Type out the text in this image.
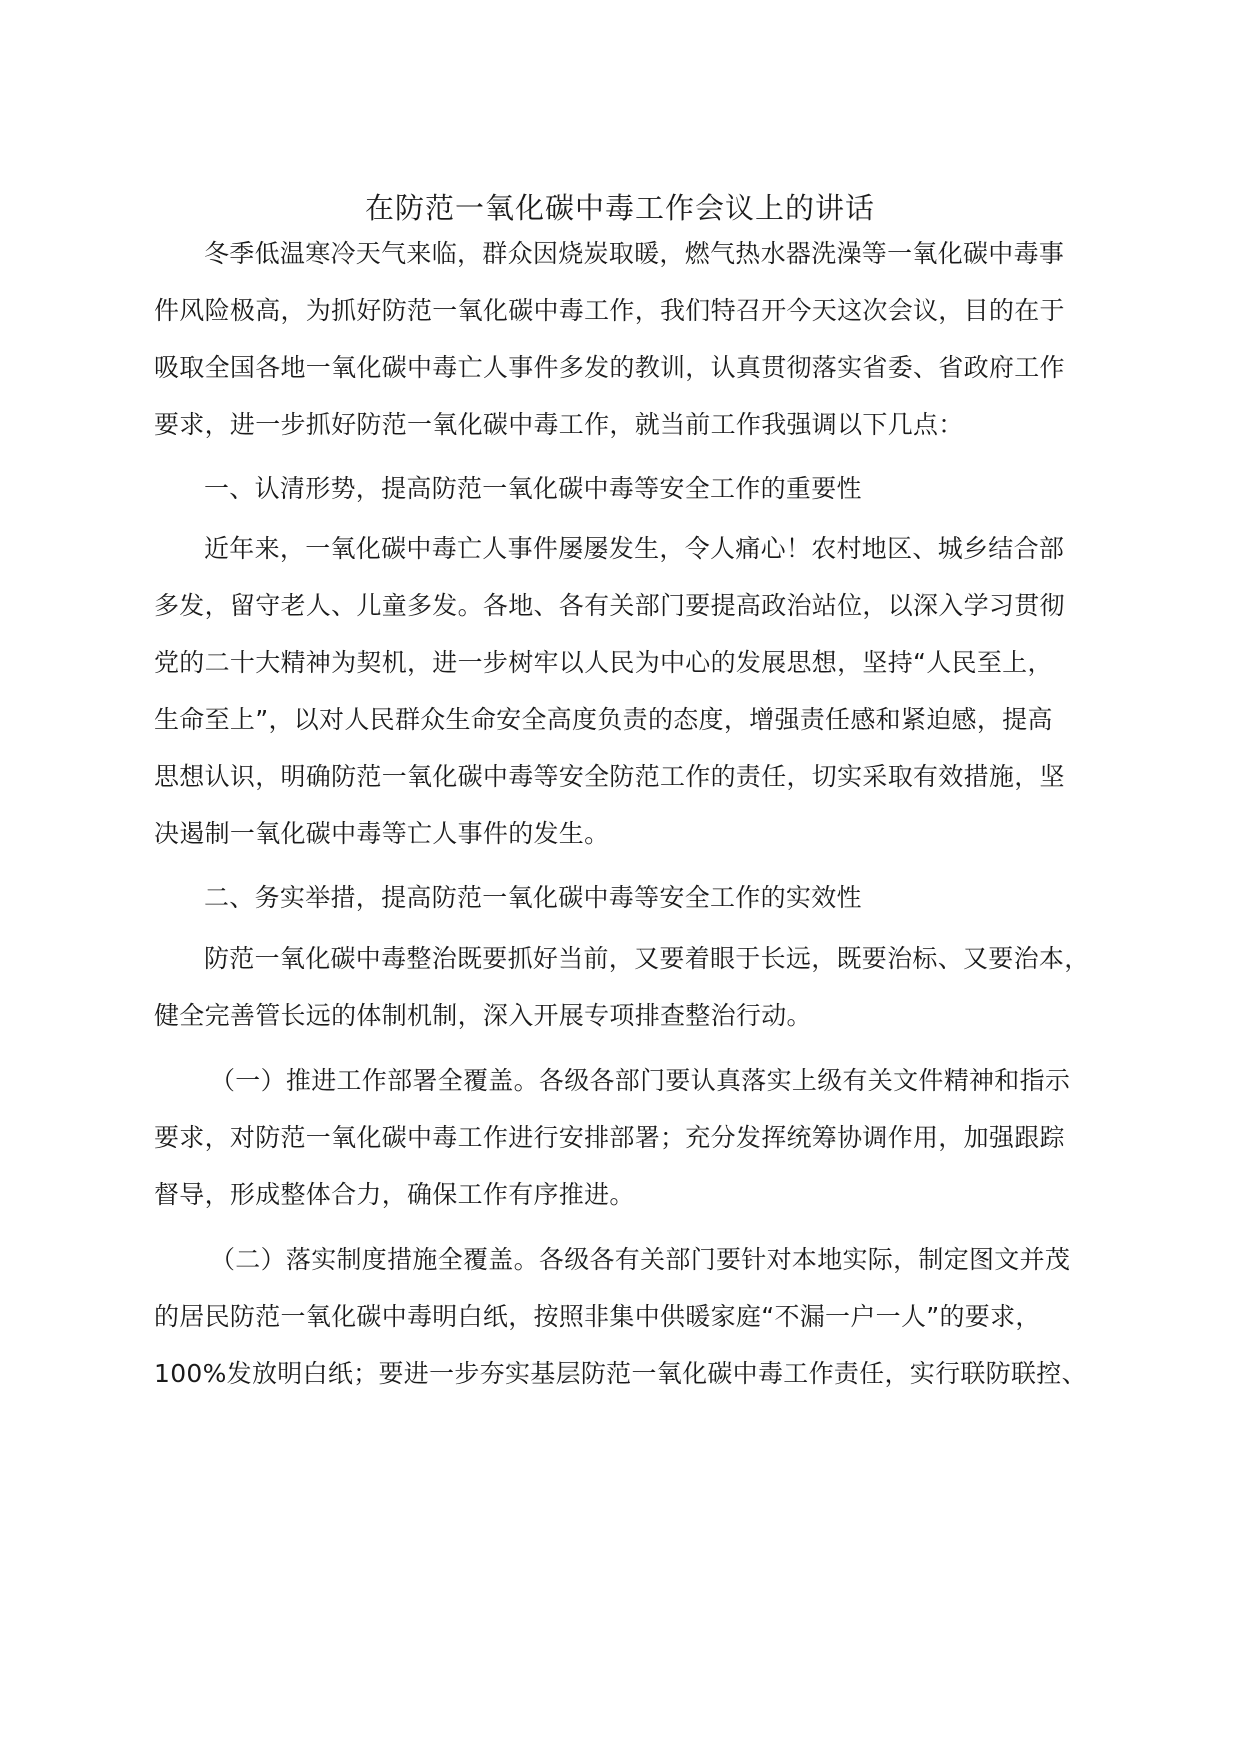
在防范一氧化碳中毒工作会议上的讲话
冬季低温寒冷天气来临，群众因烧炭取暖，燃气热水器洗澡等一氧化碳中毒事
件风险极高，为抓好防范一氧化碳中毒工作，我们特召开今天这次会议，目的在于
吸取全国各地一氧化碳中毒亡人事件多发的教训，认真贯彻落实省委、省政府工作
要求，进一步抓好防范一氧化碳中毒工作，就当前工作我强调以下几点：
一、认清形势，提高防范一氧化碳中毒等安全工作的重要性
近年来，一氧化碳中毒亡人事件屡屡发生，令人痛心！农村地区、城乡结合部
多发，留守老人、儿童多发。各地、各有关部门要提高政治站位，以深入学习贯彻
党的二十大精神为契机，进一步树牢以人民为中心的发展思想，坚持“人民至上，
生命至上”，以对人民群众生命安全高度负责的态度，增强责任感和紧迫感，提高
思想认识，明确防范一氧化碳中毒等安全防范工作的责任，切实采取有效措施，坚
决遏制一氧化碳中毒等亡人事件的发生。
二、务实举措，提高防范一氧化碳中毒等安全工作的实效性
防范一氧化碳中毒整治既要抓好当前，又要着眼于长远，既要治标、又要治本，
健全完善管长远的体制机制，深入开展专项排查整治行动。
（一）推进工作部署全覆盖。各级各部门要认真落实上级有关文件精神和指示
要求，对防范一氧化碳中毒工作进行安排部署；充分发挥统筹协调作用，加强跟踪
督导，形成整体合力，确保工作有序推进。
（二）落实制度措施全覆盖。各级各有关部门要针对本地实际，制定图文并茂
的居民防范一氧化碳中毒明白纸，按照非集中供暖家庭“不漏一户一人”的要求，
100%发放明白纸；要进一步夯实基层防范一氧化碳中毒工作责任，实行联防联控、
